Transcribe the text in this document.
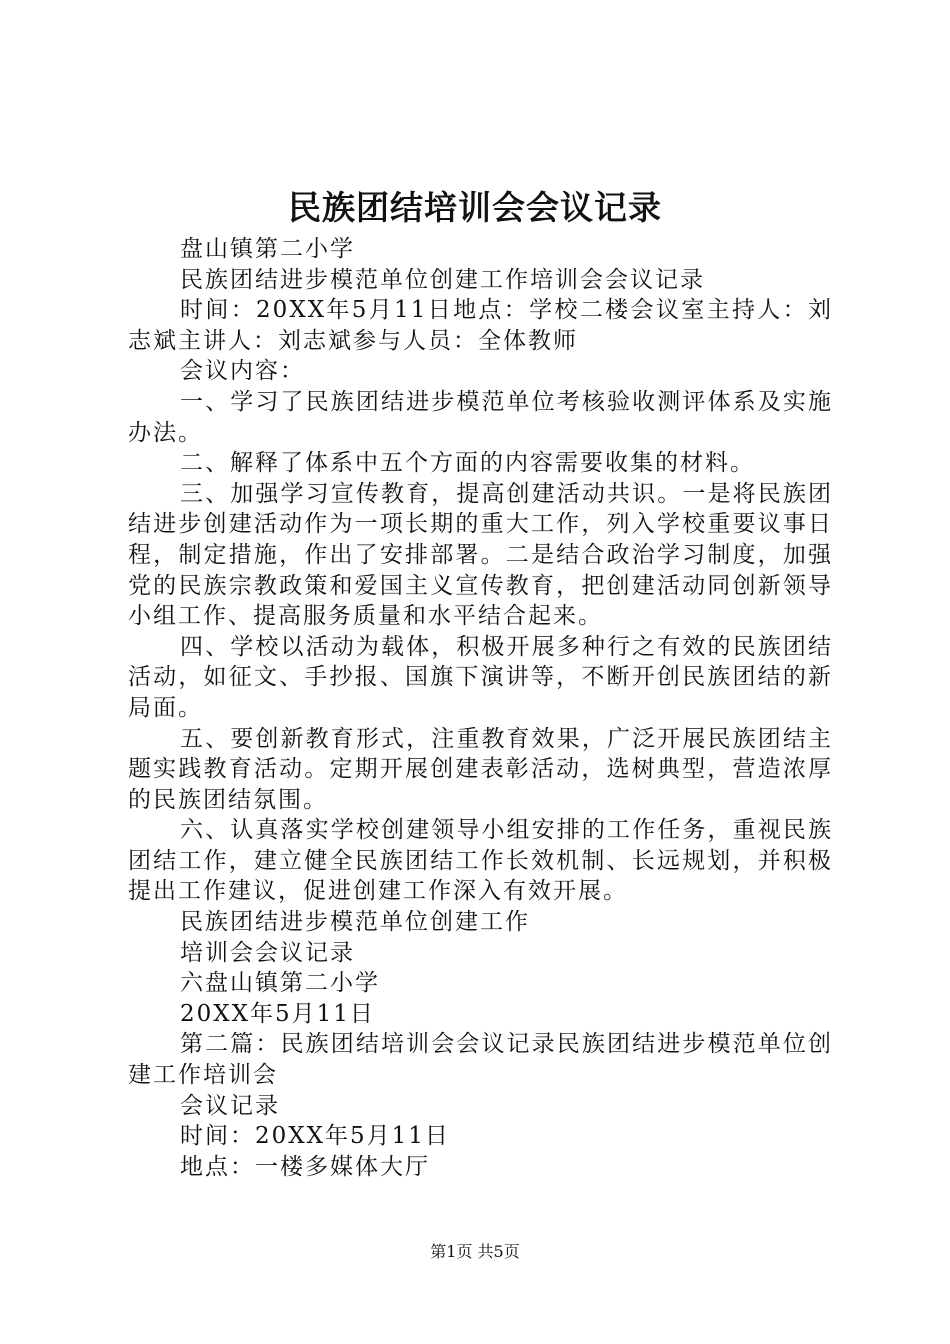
民族团结培训会会议记录

盘山镇第二小学

民族团结进步模范单位创建工作培训会会议记录

时间：20XX年5月11日地点：学校二楼会议室主持人：刘志斌主讲人：刘志斌参与人员：全体教师

会议内容：

一、学习了民族团结进步模范单位考核验收测评体系及实施办法。

二、解释了体系中五个方面的内容需要收集的材料。

三、加强学习宣传教育，提高创建活动共识。一是将民族团结进步创建活动作为一项长期的重大工作，列入学校重要议事日程，制定措施，作出了安排部署。二是结合政治学习制度，加强党的民族宗教政策和爱国主义宣传教育，把创建活动同创新领导小组工作、提高服务质量和水平结合起来。

四、学校以活动为载体，积极开展多种行之有效的民族团结活动，如征文、手抄报、国旗下演讲等，不断开创民族团结的新局面。

五、要创新教育形式，注重教育效果，广泛开展民族团结主题实践教育活动。定期开展创建表彰活动，选树典型，营造浓厚的民族团结氛围。

六、认真落实学校创建领导小组安排的工作任务，重视民族团结工作，建立健全民族团结工作长效机制、长远规划，并积极提出工作建议，促进创建工作深入有效开展。

民族团结进步模范单位创建工作

培训会会议记录

六盘山镇第二小学

20XX年5月11日

第二篇：民族团结培训会会议记录民族团结进步模范单位创建工作培训会

会议记录

时间：20XX年5月11日

地点：一楼多媒体大厅

第1页 共5页
